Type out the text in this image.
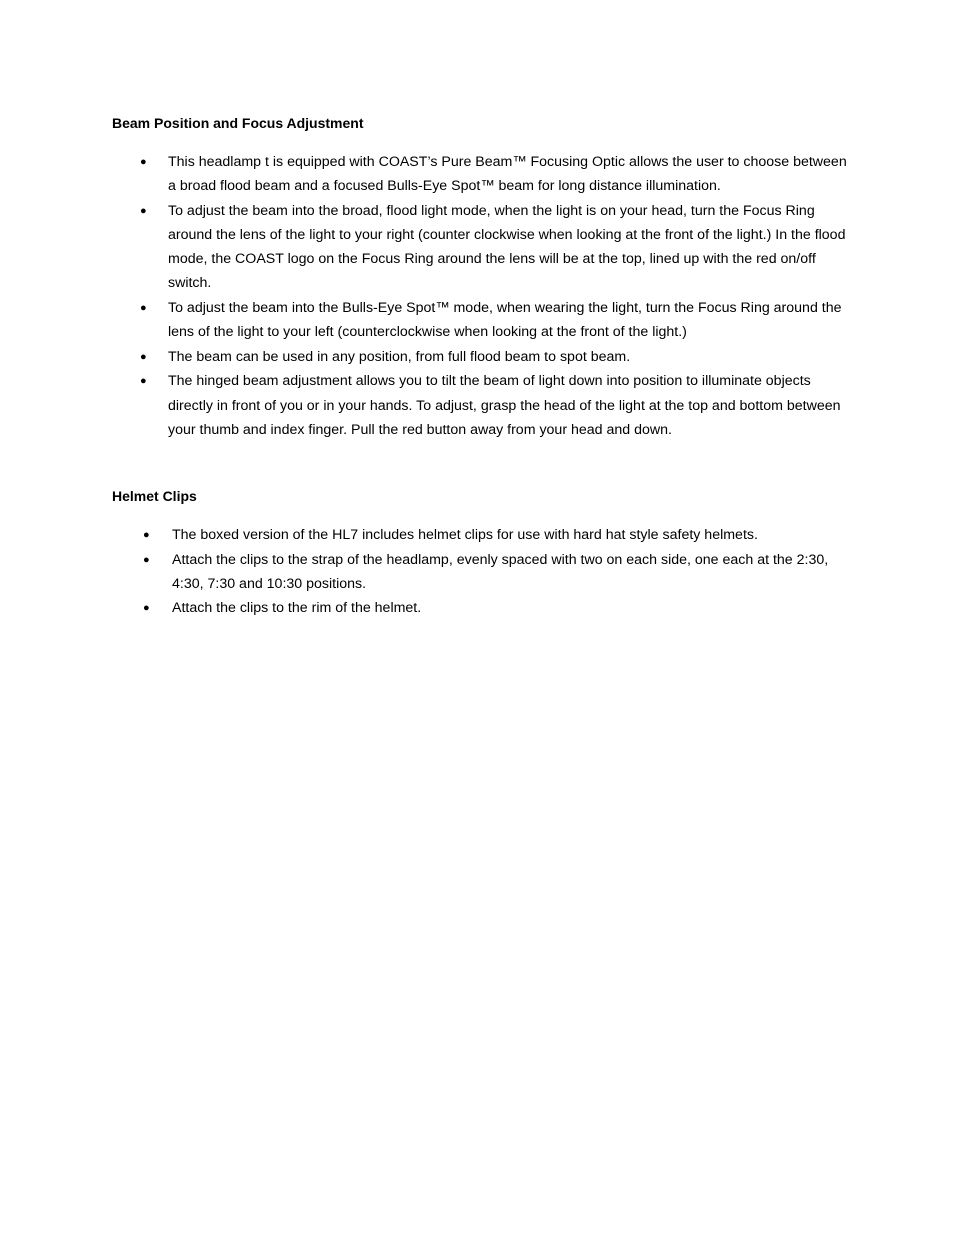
Beam Position and Focus Adjustment
● This headlamp t is equipped with COAST’s Pure Beam™ Focusing Optic allows the user to choose between a broad flood beam and a focused Bulls-Eye Spot™ beam for long distance illumination.
● To adjust the beam into the broad, flood light mode, when the light is on your head, turn the Focus Ring around the lens of the light to your right (counter clockwise when looking at the front of the light.) In the flood mode, the COAST logo on the Focus Ring around the lens will be at the top, lined up with the red on/off switch.
● To adjust the beam into the Bulls-Eye Spot™ mode, when wearing the light, turn the Focus Ring around the lens of the light to your left (counterclockwise when looking at the front of the light.)
● The beam can be used in any position, from full flood beam to spot beam.
● The hinged beam adjustment allows you to tilt the beam of light down into position to illuminate objects directly in front of you or in your hands. To adjust, grasp the head of the light at the top and bottom between your thumb and index finger. Pull the red button away from your head and down.
Helmet Clips
● The boxed version of the HL7 includes helmet clips for use with hard hat style safety helmets.
● Attach the clips to the strap of the headlamp, evenly spaced with two on each side, one each at the 2:30, 4:30, 7:30 and 10:30 positions.
● Attach the clips to the rim of the helmet.
